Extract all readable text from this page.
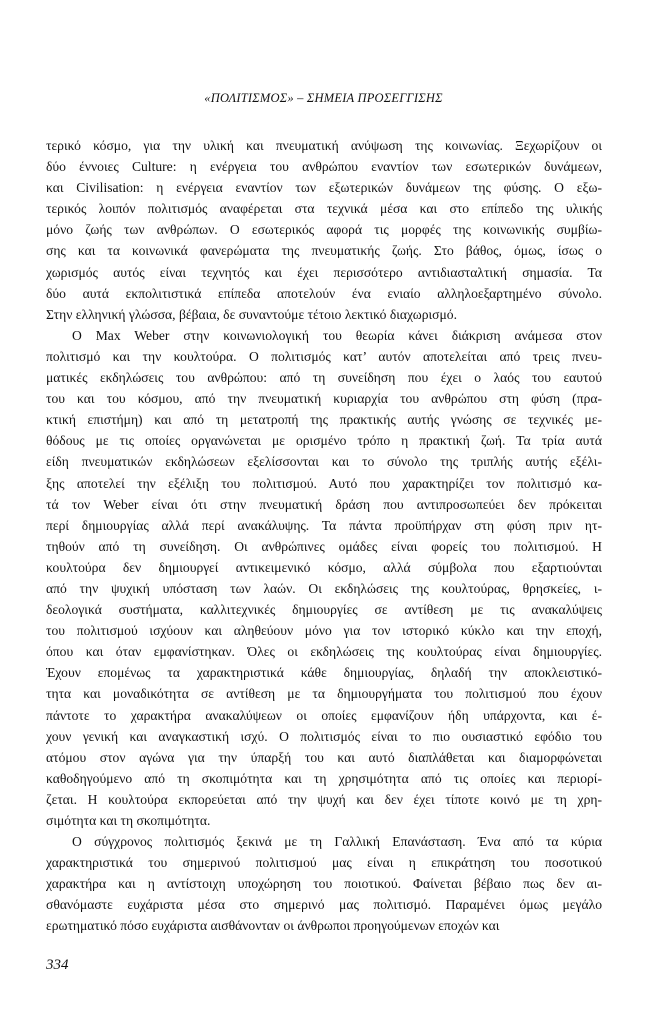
«ΠΟΛΙΤΙΣΜΟΣ» – ΣΗΜΕΙΑ ΠΡΟΣΕΓΓΙΣΗΣ
τερικό κόσμο, για την υλική και πνευματική ανύψωση της κοινωνίας. Ξεχωρίζουν οι
δύο έννοιες Culture: η ενέργεια του ανθρώπου εναντίον των εσωτερικών δυνάμεων,
και Civilisation: η ενέργεια εναντίον των εξωτερικών δυνάμεων της φύσης. Ο εξω-
τερικός λοιπόν πολιτισμός αναφέρεται στα τεχνικά μέσα και στο επίπεδο της υλικής
μόνο ζωής των ανθρώπων. Ο εσωτερικός αφορά τις μορφές της κοινωνικής συμβίω-
σης και τα κοινωνικά φανερώματα της πνευματικής ζωής. Στο βάθος, όμως, ίσως ο
χωρισμός αυτός είναι τεχνητός και έχει περισσότερο αντιδιασταλτική σημασία. Τα
δύο αυτά εκπολιτιστικά επίπεδα αποτελούν ένα ενιαίο αλληλοεξαρτημένο σύνολο.
Στην ελληνική γλώσσα, βέβαια, δε συναντούμε τέτοιο λεκτικό διαχωρισμό.
Ο Max Weber στην κοινωνιολογική του θεωρία κάνει διάκριση ανάμεσα στον
πολιτισμό και την κουλτούρα. Ο πολιτισμός κατ’ αυτόν αποτελείται από τρεις πνευ-
ματικές εκδηλώσεις του ανθρώπου: από τη συνείδηση που έχει ο λαός του εαυτού
του και του κόσμου, από την πνευματική κυριαρχία του ανθρώπου στη φύση (πρα-
κτική επιστήμη) και από τη μετατροπή της πρακτικής αυτής γνώσης σε τεχνικές με-
θόδους με τις οποίες οργανώνεται με ορισμένο τρόπο η πρακτική ζωή. Τα τρία αυτά
είδη πνευματικών εκδηλώσεων εξελίσσονται και το σύνολο της τριπλής αυτής εξέλι-
ξης αποτελεί την εξέλιξη του πολιτισμού. Αυτό που χαρακτηρίζει τον πολιτισμό κα-
τά τον Weber είναι ότι στην πνευματική δράση που αντιπροσωπεύει δεν πρόκειται
περί δημιουργίας αλλά περί ανακάλυψης. Τα πάντα προϋπήρχαν στη φύση πριν ητ-
τηθούν από τη συνείδηση. Οι ανθρώπινες ομάδες είναι φορείς του πολιτισμού. Η
κουλτούρα δεν δημιουργεί αντικειμενικό κόσμο, αλλά σύμβολα που εξαρτιούνται
από την ψυχική υπόσταση των λαών. Οι εκδηλώσεις της κουλτούρας, θρησκείες, ι-
δεολογικά συστήματα, καλλιτεχνικές δημιουργίες σε αντίθεση με τις ανακαλύψεις
του πολιτισμού ισχύουν και αληθεύουν μόνο για τον ιστορικό κύκλο και την εποχή,
όπου και όταν εμφανίστηκαν. Όλες οι εκδηλώσεις της κουλτούρας είναι δημιουργίες.
Έχουν επομένως τα χαρακτηριστικά κάθε δημιουργίας, δηλαδή την αποκλειστικό-
τητα και μοναδικότητα σε αντίθεση με τα δημιουργήματα του πολιτισμού που έχουν
πάντοτε το χαρακτήρα ανακαλύψεων οι οποίες εμφανίζουν ήδη υπάρχοντα, και έ-
χουν γενική και αναγκαστική ισχύ. Ο πολιτισμός είναι το πιο ουσιαστικό εφόδιο του
ατόμου στον αγώνα για την ύπαρξή του και αυτό διαπλάθεται και διαμορφώνεται
καθοδηγούμενο από τη σκοπιμότητα και τη χρησιμότητα από τις οποίες και περιορί-
ζεται. Η κουλτούρα εκπορεύεται από την ψυχή και δεν έχει τίποτε κοινό με τη χρη-
σιμότητα και τη σκοπιμότητα.
Ο σύγχρονος πολιτισμός ξεκινά με τη Γαλλική Επανάσταση. Ένα από τα κύρια
χαρακτηριστικά του σημερινού πολιτισμού μας είναι η επικράτηση του ποσοτικού
χαρακτήρα και η αντίστοιχη υποχώρηση του ποιοτικού. Φαίνεται βέβαιο πως δεν αι-
σθανόμαστε ευχάριστα μέσα στο σημερινό μας πολιτισμό. Παραμένει όμως μεγάλο
ερωτηματικό πόσο ευχάριστα αισθάνονταν οι άνθρωποι προηγούμενων εποχών και
334
